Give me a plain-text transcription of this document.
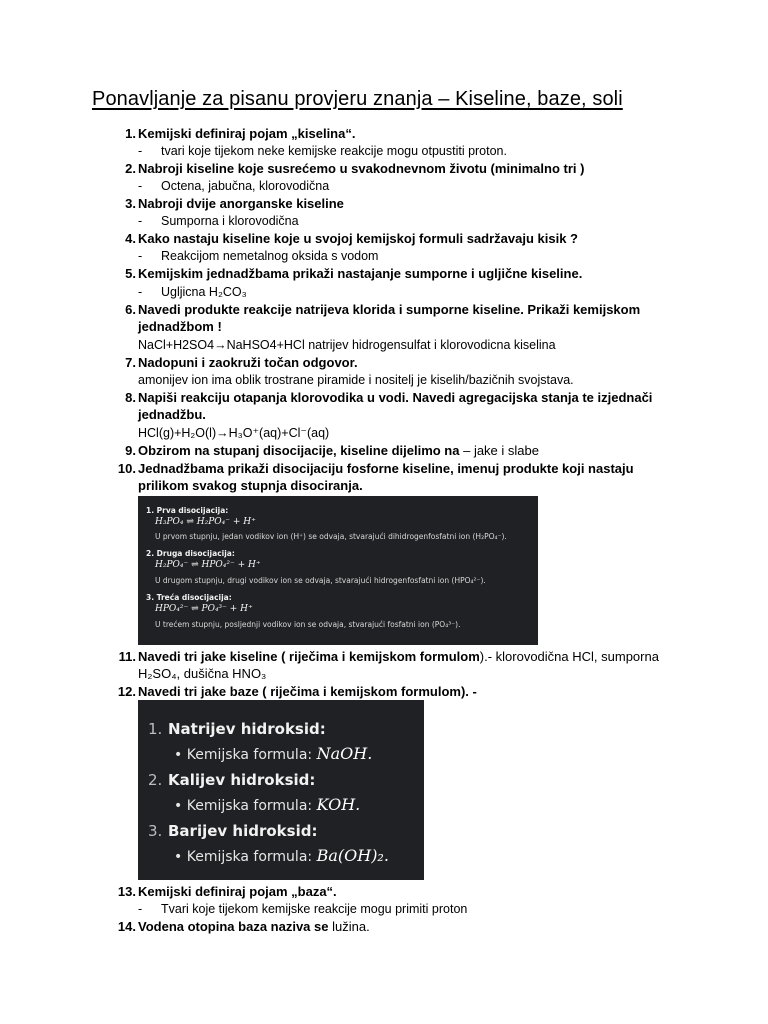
Ponavljanje za pisanu provjeru znanja – Kiseline, baze, soli
1. Kemijski definiraj pojam „kiselina“.
- tvari koje tijekom neke kemijske reakcije mogu otpustiti proton.
2. Nabroji kiseline koje susrećemo u svakodnevnom životu (minimalno tri )
- Octena, jabučna, klorovodična
3. Nabroji dvije anorganske kiseline
- Sumporna i klorovodična
4. Kako nastaju kiseline koje u svojoj kemijskoj formuli sadržavaju kisik ?
- Reakcijom nemetalnog oksida s vodom
5. Kemijskim jednadžbama prikaži nastajanje sumporne i ugljične kiseline.
- Ugljicna H₂CO₃
6. Navedi produkte reakcije natrijeva klorida i sumporne kiseline. Prikaži kemijskom jednadžbom !
NaCl+H2SO4→NaHSO4+HCl natrijev hidrogensulfat i klorovodicna kiselina
7. Nadopuni i zaokruži točan odgovor.
amonijev ion ima oblik trostrane piramide i nositelj je kiselih/bazičnih svojstava.
8. Napiši reakciju otapanja klorovodika u vodi. Navedi agregacijska stanja te izjednači jednadžbu.
HCl(g)+H₂O(l)→H₃O⁺(aq)+Cl⁻(aq)
9. Obzirom na stupanj disocijacije, kiseline dijelimo na – jake i slabe
10. Jednadžbama prikaži disocijaciju fosforne kiseline, imenuj produkte koji nastaju prilikom svakog stupnja disociranja.
1. Prva disocijacija:
H₃PO₄ ⇌ H₂PO₄⁻ + H⁺
U prvom stupnju, jedan vodikov ion (H⁺) se odvaja, stvarajući dihidrogenfosfatni ion (H₂PO₄⁻).
2. Druga disocijacija:
H₂PO₄⁻ ⇌ HPO₄²⁻ + H⁺
U drugom stupnju, drugi vodikov ion se odvaja, stvarajući hidrogenfosfatni ion (HPO₄²⁻).
3. Treća disocijacija:
HPO₄²⁻ ⇌ PO₄³⁻ + H⁺
U trećem stupnju, posljednji vodikov ion se odvaja, stvarajući fosfatni ion (PO₄³⁻).
11. Navedi tri jake kiseline ( riječima i kemijskom formulom).- klorovodična HCl, sumporna H₂SO₄, dušična HNO₃
12. Navedi tri jake baze ( riječima i kemijskom formulom). -
1. Natrijev hidroksid:
• Kemijska formula: NaOH.
2. Kalijev hidroksid:
• Kemijska formula: KOH.
3. Barijev hidroksid:
• Kemijska formula: Ba(OH)₂.
13. Kemijski definiraj pojam „baza“.
- Tvari koje tijekom kemijske reakcije mogu primiti proton
14. Vodena otopina baza naziva se lužina.
